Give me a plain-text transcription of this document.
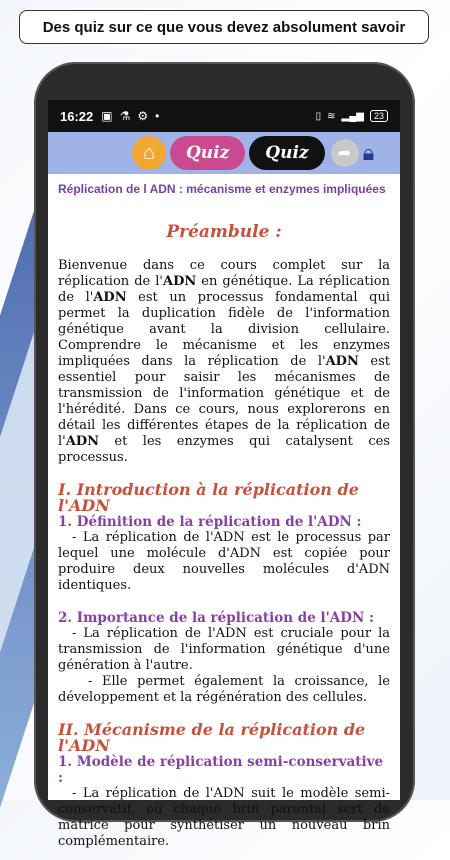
Des quiz sur ce que vous devez absolument savoir
16:22 ▣ ⚗ ⚙ •	▯ ≋ ▂▄▆	23
⌂ Quiz Quiz ➦ 🔒︎
Réplication de l ADN : mécanisme et enzymes impliquées
Préambule :

Bienvenue dans ce cours complet sur la réplication de l'ADN en génétique. La réplication de l'ADN est un processus fondamental qui permet la duplication fidèle de l'information génétique avant la division cellulaire. Comprendre le mécanisme et les enzymes impliquées dans la réplication de l'ADN est essentiel pour saisir les mécanismes de transmission de l'information génétique et de l'hérédité. Dans ce cours, nous explorerons en détail les différentes étapes de la réplication de l'ADN et les enzymes qui catalysent ces processus.

I. Introduction à la réplication de l'ADN
1. Définition de la réplication de l'ADN :

- La réplication de l'ADN est le processus par lequel une molécule d'ADN est copiée pour produire deux nouvelles molécules d'ADN identiques.

2. Importance de la réplication de l'ADN :

- La réplication de l'ADN est cruciale pour la transmission de l'information génétique d'une génération à l'autre.

- Elle permet également la croissance, le développement et la régénération des cellules.

II. Mécanisme de la réplication de l'ADN
1. Modèle de réplication semi-conservative :

- La réplication de l'ADN suit le modèle semi-conservatif, où chaque brin parental sert de matrice pour synthétiser un nouveau brin complémentaire.
